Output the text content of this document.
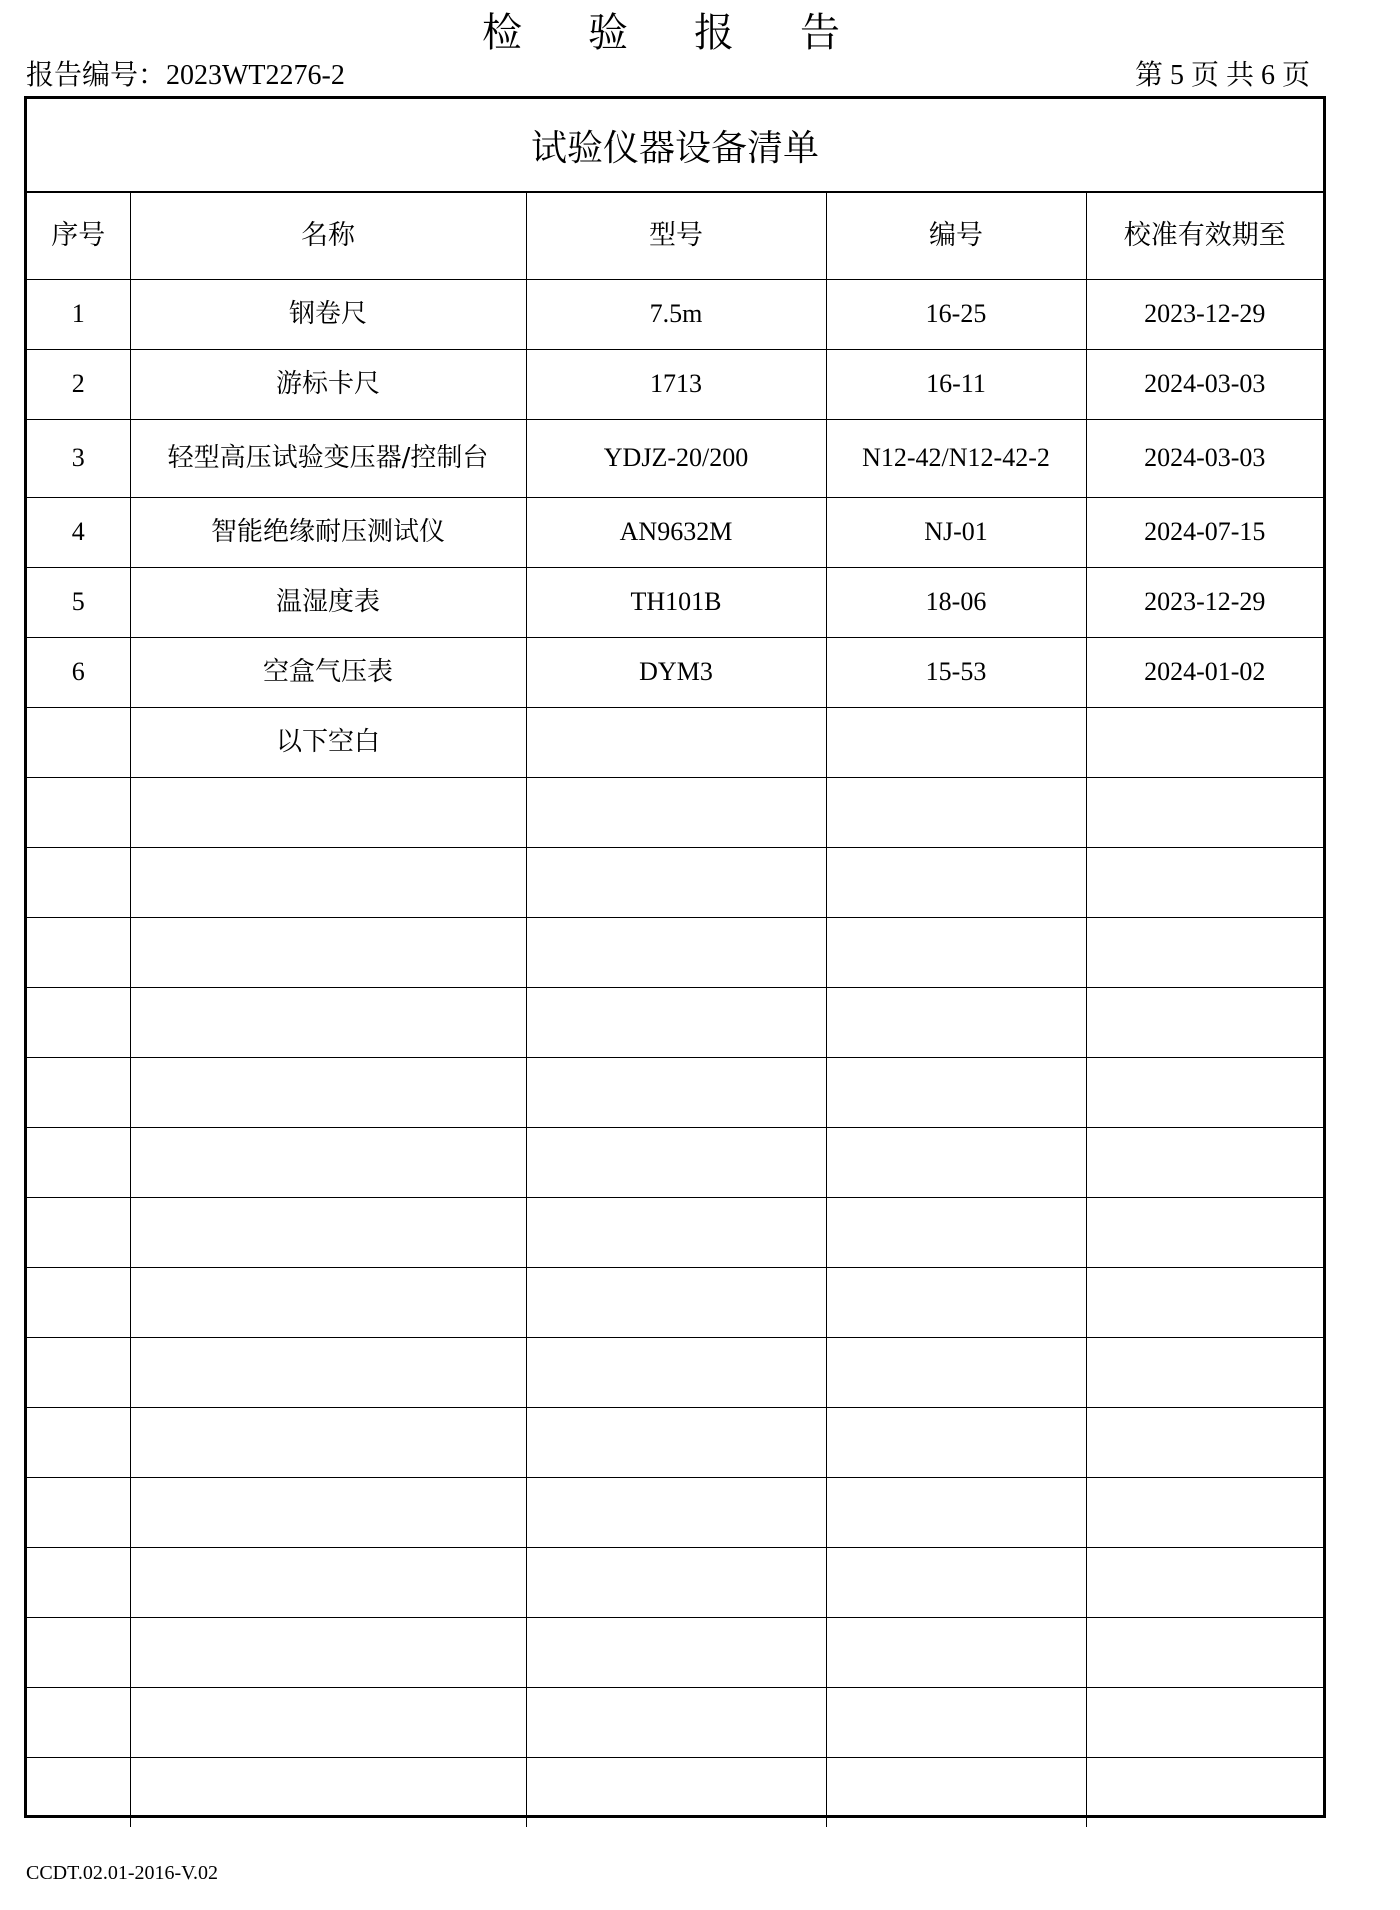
检 验 报 告
报告编号：2023WT2276-2	第 5 页 共 6 页
试验仪器设备清单
序号	名称	型号	编号	校准有效期至
1	钢卷尺	7.5m	16-25	2023-12-29
2	游标卡尺	1713	16-11	2024-03-03
3	轻型高压试验变压器/控制台	YDJZ-20/200	N12-42/N12-42-2	2024-03-03
4	智能绝缘耐压测试仪	AN9632M	NJ-01	2024-07-15
5	温湿度表	TH101B	18-06	2023-12-29
6	空盒气压表	DYM3	15-53	2024-01-02
	以下空白			

CCDT.02.01-2016-V.02
